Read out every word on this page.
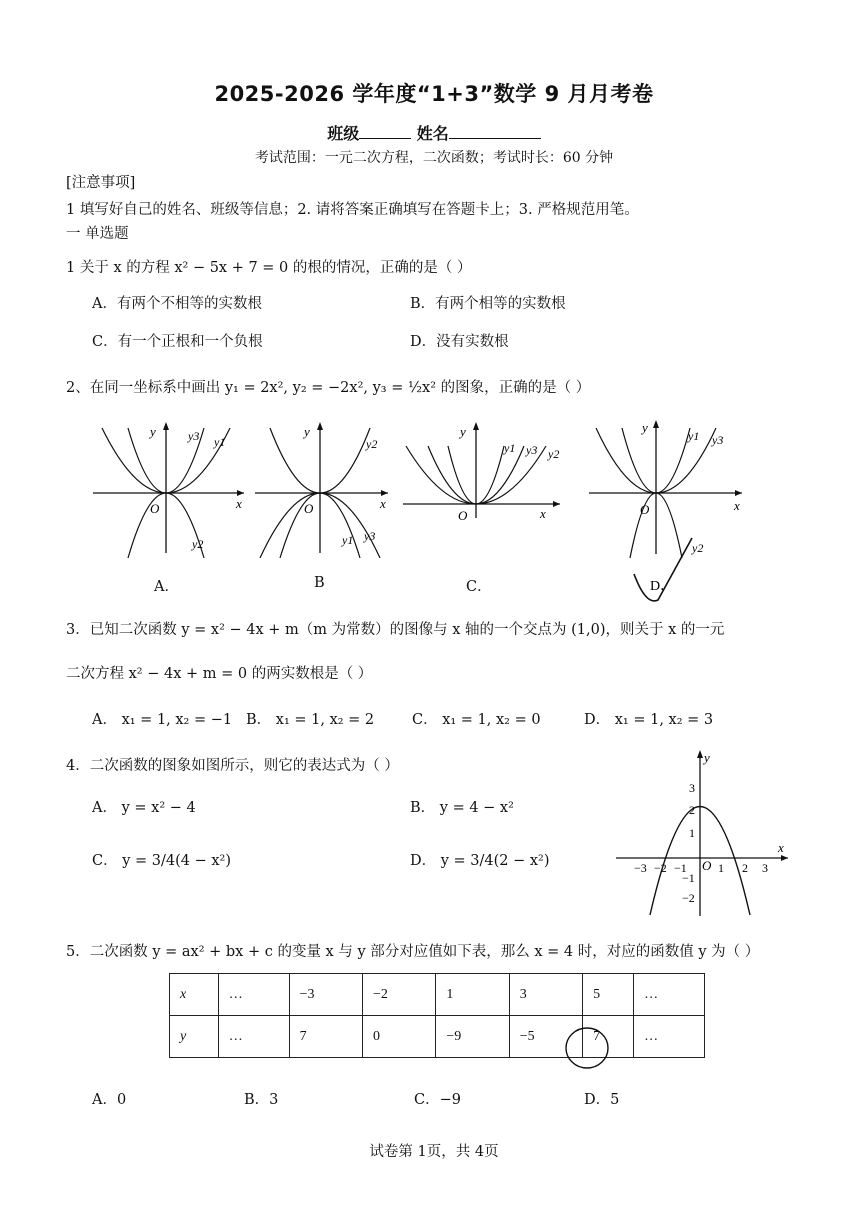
2025-2026 学年度“1+3”数学 9 月月考卷
班级	姓名
考试范围：一元二次方程，二次函数；考试时长：60 分钟
[注意事项]
1 填写好自己的姓名、班级等信息；2. 请将答案正确填写在答题卡上；3. 严格规范用笔。
一 单选题
1 关于 x 的方程 x² − 5x + 7 = 0 的根的情况，正确的是（ ）
A．有两个不相等的实数根	B．有两个相等的实数根
C．有一个正根和一个负根	D．没有实数根
2、在同一坐标系中画出 y₁ = 2x², y₂ = −2x², y₃ = ½x² 的图象，正确的是（ ）
y
x
O
y3 y1
y2
A．
y
x
O
y2
y1 y3
B
y
x
O
y1 y3 y2
C．
y
x
O
y1 y3
y2
D．
3．已知二次函数 y = x² − 4x + m（m 为常数）的图像与 x 轴的一个交点为 (1,0)，则关于 x 的一元
二次方程 x² − 4x + m = 0 的两实数根是（ ）
A． x₁ = 1, x₂ = −1 B． x₁ = 1, x₂ = 2	C． x₁ = 1, x₂ = 0	D． x₁ = 1, x₂ = 3
4．二次函数的图象如图所示，则它的表达式为（ ）
A． y = x² − 4	B． y = 4 − x²
C． y = 3/4(4 − x²)	D． y = 3/4(2 − x²)	−3 −2 −1	1 2 3
3
2
1
−1
−2
O
x
y
5．二次函数 y = ax² + bx + c 的变量 x 与 y 部分对应值如下表，那么 x = 4 时，对应的函数值 y 为（ ）
x	…	−3	−2	1	3	5	…
y	…	7	0	−9	−5	7	…
A．0	B．3	C．−9	D．5
试卷第 1页，共 4页
